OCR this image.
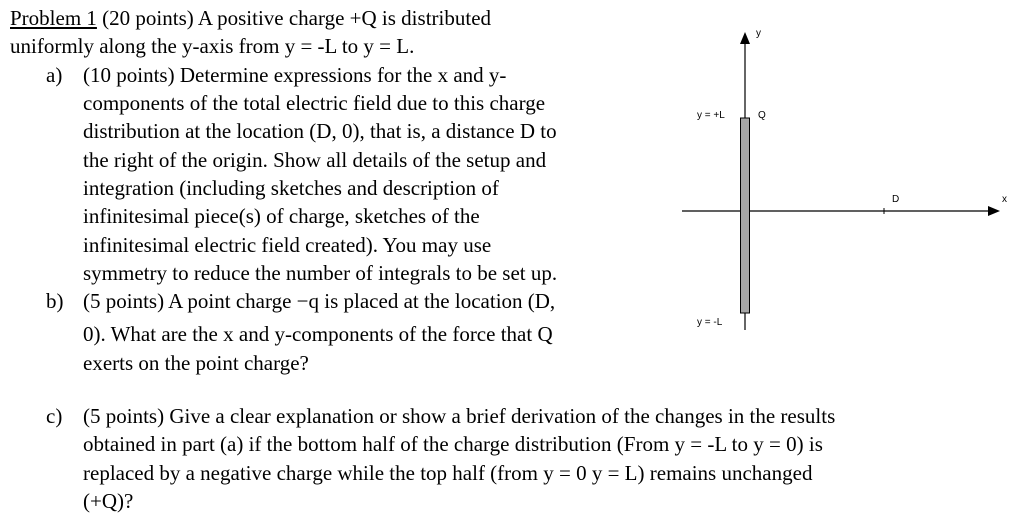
Problem 1 (20 points) A positive charge +Q is distributed
uniformly along the y-axis from y = -L to y = L.
a) (10 points) Determine expressions for the x and y-
components of the total electric field due to this charge
distribution at the location (D, 0), that is, a distance D to
the right of the origin. Show all details of the setup and
integration (including sketches and description of
infinitesimal piece(s) of charge, sketches of the
infinitesimal electric field created). You may use
symmetry to reduce the number of integrals to be set up.
b) (5 points) A point charge −q is placed at the location (D,
0). What are the x and y-components of the force that Q
exerts on the point charge?
c) (5 points) Give a clear explanation or show a brief derivation of the changes in the results
obtained in part (a) if the bottom half of the charge distribution (From y = -L to y = 0) is
replaced by a negative charge while the top half (from y = 0 y = L) remains unchanged
(+Q)?
y
x
y = +L	Q
D
y = -L
